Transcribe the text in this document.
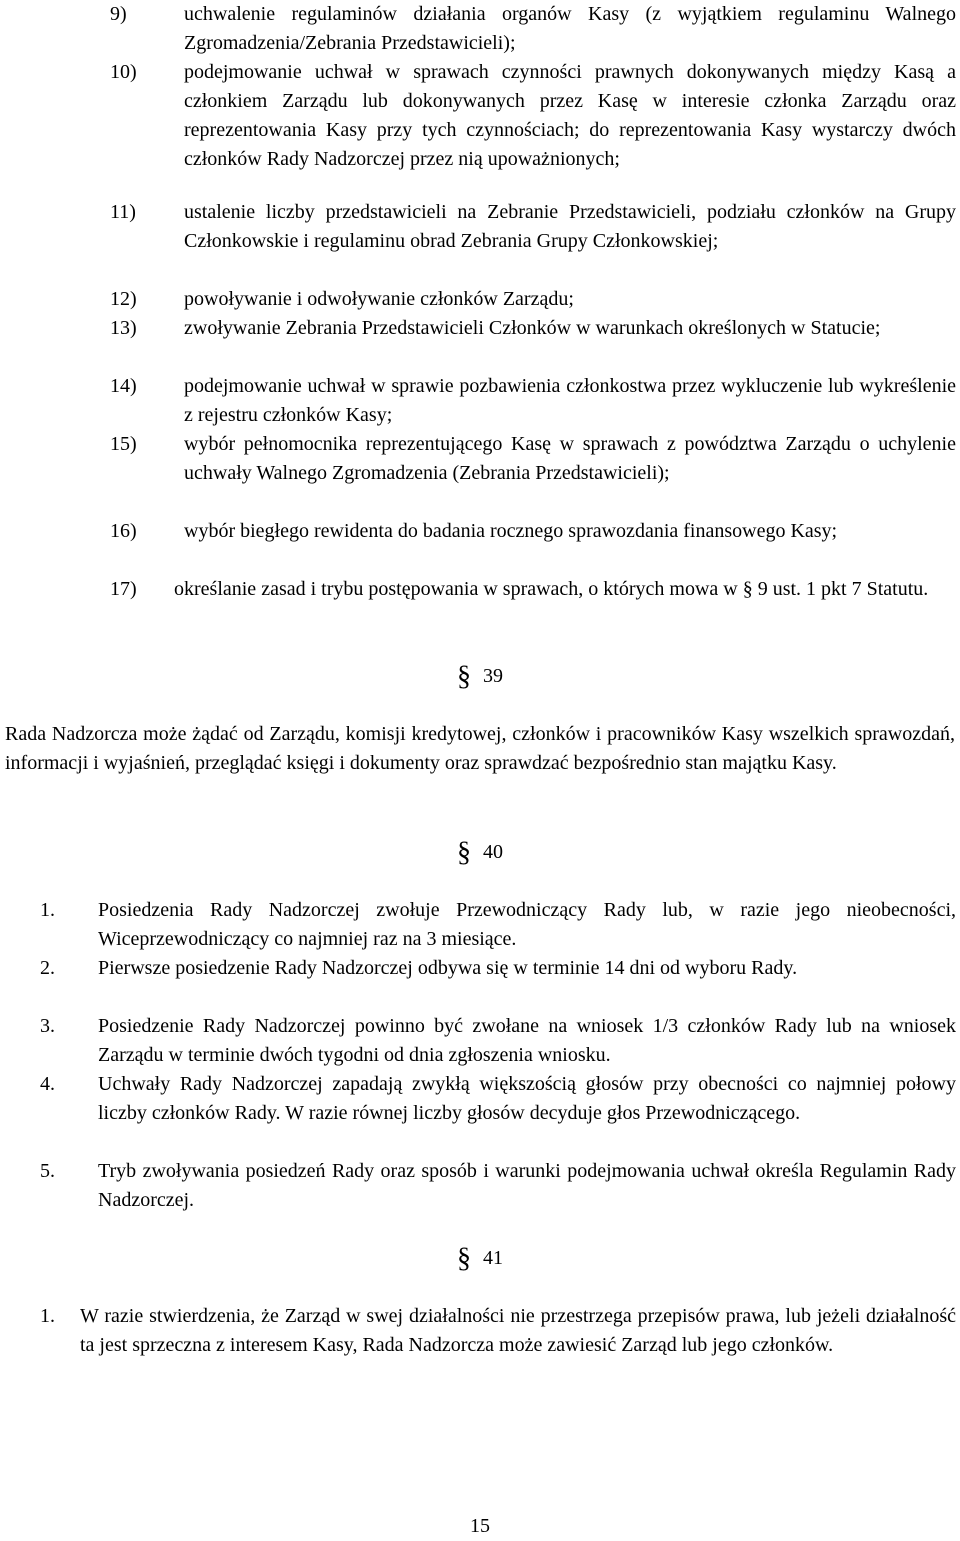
9)	uchwalenie regulaminów działania organów Kasy (z wyjątkiem regulaminu Walnego Zgromadzenia/Zebrania Przedstawicieli);
10) podejmowanie uchwał w sprawach czynności prawnych dokonywanych między Kasą a członkiem Zarządu lub dokonywanych przez Kasę w interesie członka Zarządu oraz reprezentowania Kasy przy tych czynnościach; do reprezentowania Kasy wystarczy dwóch członków Rady Nadzorczej przez nią upoważnionych;
11) ustalenie liczby przedstawicieli na Zebranie Przedstawicieli, podziału członków na Grupy Członkowskie i regulaminu obrad Zebrania Grupy Członkowskiej;
12) powoływanie i odwoływanie członków Zarządu;
13) zwoływanie Zebrania Przedstawicieli Członków w warunkach określonych w Statucie;
14) podejmowanie uchwał w sprawie pozbawienia członkostwa przez wykluczenie lub wykreślenie z rejestru członków Kasy;
15) wybór pełnomocnika reprezentującego Kasę w sprawach z powództwa Zarządu o uchylenie uchwały Walnego Zgromadzenia (Zebrania Przedstawicieli);
16) wybór biegłego rewidenta do badania rocznego sprawozdania finansowego Kasy;
17) określanie zasad i trybu postępowania w sprawach, o których mowa w § 9 ust. 1 pkt 7 Statutu.
§ 39
Rada Nadzorcza może żądać od Zarządu, komisji kredytowej, członków i pracowników Kasy wszelkich sprawozdań, informacji i wyjaśnień, przeglądać księgi i dokumenty oraz sprawdzać bezpośrednio stan majątku Kasy.
§ 40
1. Posiedzenia Rady Nadzorczej zwołuje Przewodniczący Rady lub, w razie jego nieobecności, Wiceprzewodniczący co najmniej raz na 3 miesiące.
2. Pierwsze posiedzenie Rady Nadzorczej odbywa się w terminie 14 dni od wyboru Rady.
3. Posiedzenie Rady Nadzorczej powinno być zwołane na wniosek 1/3 członków Rady lub na wniosek Zarządu w terminie dwóch tygodni od dnia zgłoszenia wniosku.
4. Uchwały Rady Nadzorczej zapadają zwykłą większością głosów przy obecności co najmniej połowy liczby członków Rady. W razie równej liczby głosów decyduje głos Przewodniczącego.
5. Tryb zwoływania posiedzeń Rady oraz sposób i warunki podejmowania uchwał określa Regulamin Rady Nadzorczej.
§ 41
1. W razie stwierdzenia, że Zarząd w swej działalności nie przestrzega przepisów prawa, lub jeżeli działalność ta jest sprzeczna z interesem Kasy, Rada Nadzorcza może zawiesić Zarząd lub jego członków.
15
